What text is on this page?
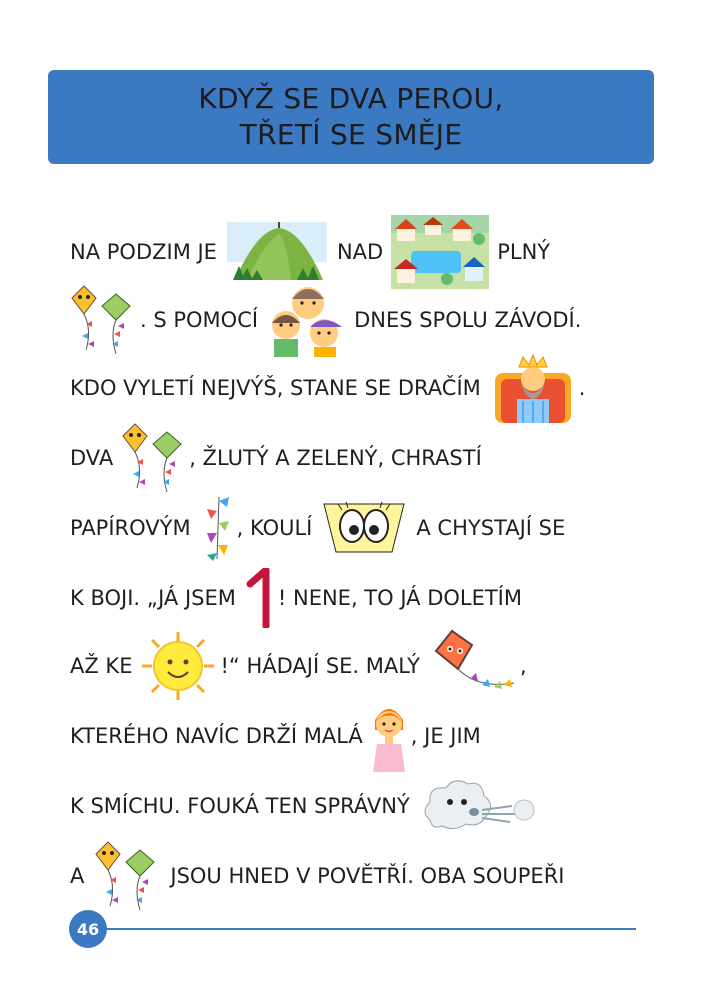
KDYŽ SE DVA PEROU,
TŘETÍ SE SMĚJE
NA PODZIM JE	NAD	PLNÝ
. S POMOCÍ	DNES SPOLU ZÁVODÍ.
KDO VYLETÍ NEJVÝŠ, STANE SE DRAČÍM	.
DVA	, ŽLUTÝ A ZELENÝ, CHRASTÍ
PAPÍROVÝM , KOULÍ	A CHYSTAJÍ SE
K BOJI. „JÁ JSEM ! NENE, TO JÁ DOLETÍM
AŽ KE	!“ HÁDAJÍ SE. MALÝ	,
KTERÉHO NAVÍC DRŽÍ MALÁ , JE JIM
K SMÍCHU. FOUKÁ TEN SPRÁVNÝ
A	JSOU HNED V POVĚTŘÍ. OBA SOUPEŘI
46
